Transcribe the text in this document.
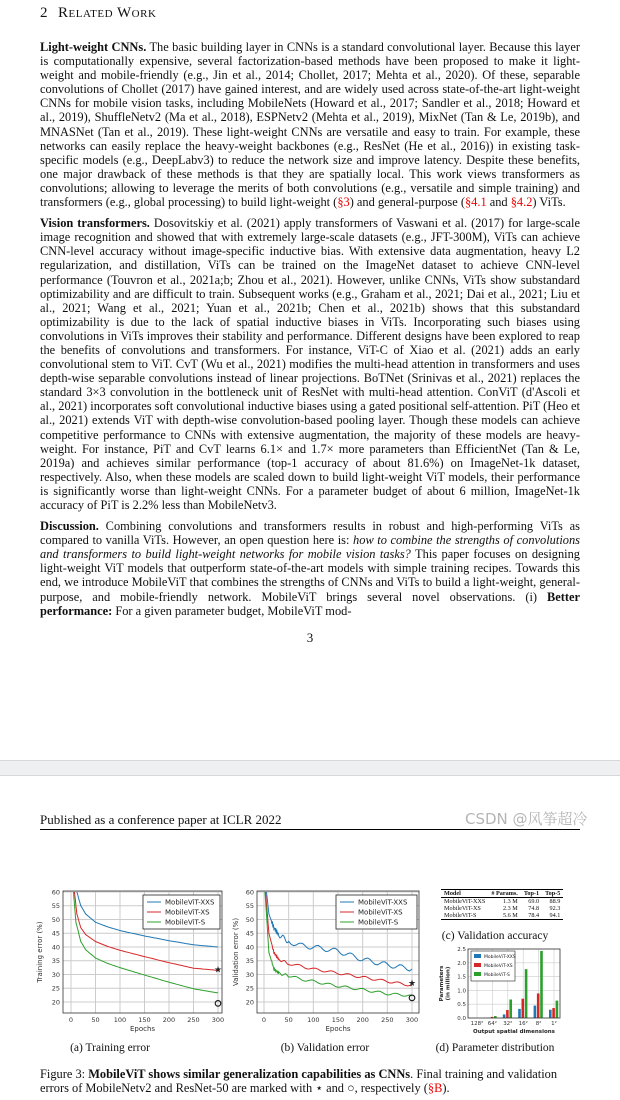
2 Related Work

Light-weight CNNs. The basic building layer in CNNs is a standard convolutional layer. Because this layer is computationally expensive, several factorization-based methods have been proposed to make it light-weight and mobile-friendly (e.g., Jin et al., 2014; Chollet, 2017; Mehta et al., 2020). Of these, separable convolutions of Chollet (2017) have gained interest, and are widely used across state-of-the-art light-weight CNNs for mobile vision tasks, including MobileNets (Howard et al., 2017; Sandler et al., 2018; Howard et al., 2019), ShuffleNetv2 (Ma et al., 2018), ESPNetv2 (Mehta et al., 2019), MixNet (Tan & Le, 2019b), and MNASNet (Tan et al., 2019). These light-weight CNNs are versatile and easy to train. For example, these networks can easily replace the heavy-weight backbones (e.g., ResNet (He et al., 2016)) in existing task-specific models (e.g., DeepLabv3) to reduce the network size and improve latency. Despite these benefits, one major drawback of these methods is that they are spatially local. This work views transformers as convolutions; allowing to leverage the merits of both convolutions (e.g., versatile and simple training) and transformers (e.g., global processing) to build light-weight (§3) and general-purpose (§4.1 and §4.2) ViTs.

Vision transformers. Dosovitskiy et al. (2021) apply transformers of Vaswani et al. (2017) for large-scale image recognition and showed that with extremely large-scale datasets (e.g., JFT-300M), ViTs can achieve CNN-level accuracy without image-specific inductive bias. With extensive data augmentation, heavy L2 regularization, and distillation, ViTs can be trained on the ImageNet dataset to achieve CNN-level performance (Touvron et al., 2021a;b; Zhou et al., 2021). However, unlike CNNs, ViTs show substandard optimizability and are difficult to train. Subsequent works (e.g., Graham et al., 2021; Dai et al., 2021; Liu et al., 2021; Wang et al., 2021; Yuan et al., 2021b; Chen et al., 2021b) shows that this substandard optimizability is due to the lack of spatial inductive biases in ViTs. Incorporating such biases using convolutions in ViTs improves their stability and performance. Different designs have been explored to reap the benefits of convolutions and transformers. For instance, ViT-C of Xiao et al. (2021) adds an early convolutional stem to ViT. CvT (Wu et al., 2021) modifies the multi-head attention in transformers and uses depth-wise separable convolutions instead of linear projections. BoTNet (Srinivas et al., 2021) replaces the standard 3×3 convolution in the bottleneck unit of ResNet with multi-head attention. ConViT (d'Ascoli et al., 2021) incorporates soft convolutional inductive biases using a gated positional self-attention. PiT (Heo et al., 2021) extends ViT with depth-wise convolution-based pooling layer. Though these models can achieve competitive performance to CNNs with extensive augmentation, the majority of these models are heavy-weight. For instance, PiT and CvT learns 6.1× and 1.7× more parameters than EfficientNet (Tan & Le, 2019a) and achieves similar performance (top-1 accuracy of about 81.6%) on ImageNet-1k dataset, respectively. Also, when these models are scaled down to build light-weight ViT models, their performance is significantly worse than light-weight CNNs. For a parameter budget of about 6 million, ImageNet-1k accuracy of PiT is 2.2% less than MobileNetv3.

Discussion. Combining convolutions and transformers results in robust and high-performing ViTs as compared to vanilla ViTs. However, an open question here is: how to combine the strengths of convolutions and transformers to build light-weight networks for mobile vision tasks? This paper focuses on designing light-weight ViT models that outperform state-of-the-art models with simple training recipes. Towards this end, we introduce MobileViT that combines the strengths of CNNs and ViTs to build a light-weight, general-purpose, and mobile-friendly network. MobileViT brings several novel observations. (i) Better performance: For a given parameter budget, MobileViT mod-

3
Published as a conference paper at ICLR 2022	CSDN @风筝超冷
0	50 100 150 200 250 300
20
25
30
35
40
45
50
55
60
Epochs
Training error (%)	★
MobileViT-XXS
MobileViT-XS
MobileViT-S
0	50 100 150 200 250 300
20
25
30
35
40
45
50
55
60
Epochs
Validation error (%)	★
MobileViT-XXS
MobileViT-XS
MobileViT-S
0.0
0.5
1.0
1.5
2.0
2.5
128² 64² 32² 16² 8² 1²
Output spatial dimensions
Parameters(in million)
MobileViT-XXS
MobileViT-XS
MobileViT-S
Model	# Params.	Top-1	Top-5
MobileViT-XXS	1.3 M	69.0	88.9
MobileViT-XS	2.3 M	74.8	92.3
MobileViT-S	5.6 M	78.4	94.1
(c) Validation accuracy
(a) Training error	(b) Validation error	(d) Parameter distribution
Figure 3: MobileViT shows similar generalization capabilities as CNNs. Final training and validation errors of MobileNetv2 and ResNet-50 are marked with ⋆ and ○, respectively (§B).
